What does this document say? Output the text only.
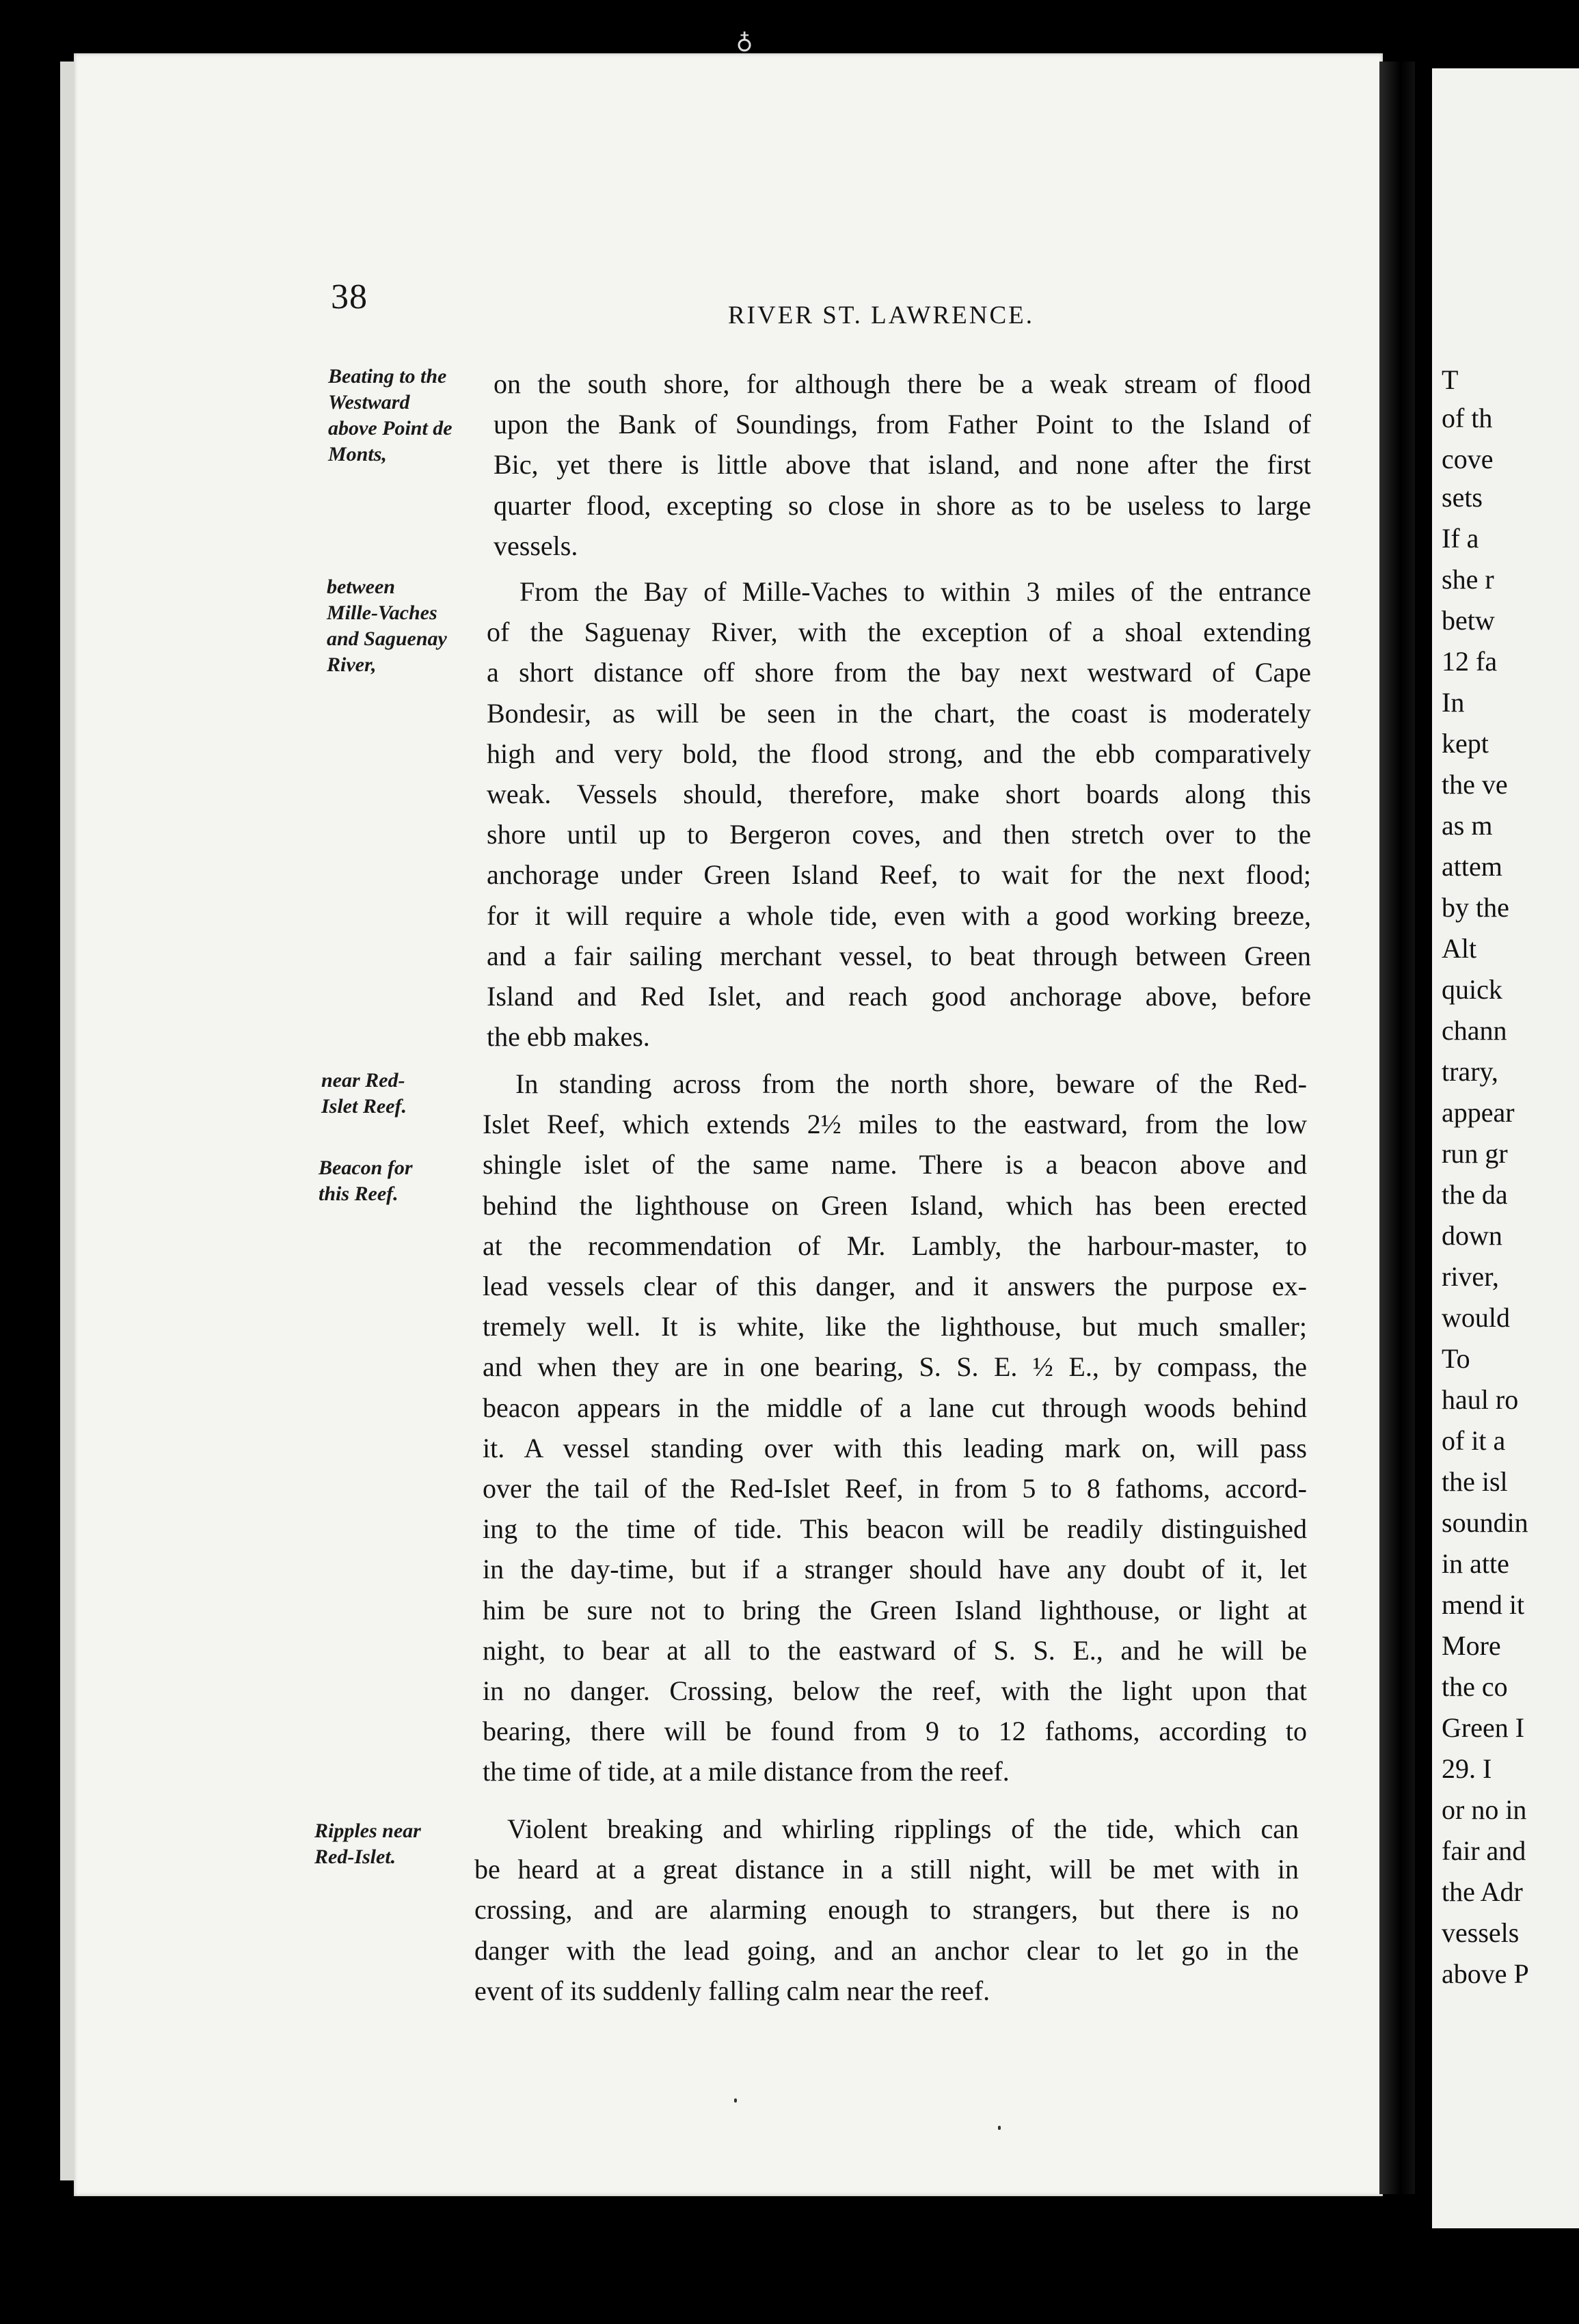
♁
38	RIVER ST. LAWRENCE.
Beating to the
Westward
above Point de
Monts,
between
Mille-Vaches
and Saguenay
River,
near Red-
Islet Reef.
Beacon for
this Reef.
Ripples near
Red-Islet.
on the south shore, for although there be a weak stream of flood
upon the Bank of Soundings, from Father Point to the Island of
Bic, yet there is little above that island, and none after the first
quarter flood, excepting so close in shore as to be useless to large
vessels.
From the Bay of Mille-Vaches to within 3 miles of the entrance
of the Saguenay River, with the exception of a shoal extending
a short distance off shore from the bay next westward of Cape
Bondesir, as will be seen in the chart, the coast is moderately
high and very bold, the flood strong, and the ebb comparatively
weak. Vessels should, therefore, make short boards along this
shore until up to Bergeron coves, and then stretch over to the
anchorage under Green Island Reef, to wait for the next flood;
for it will require a whole tide, even with a good working breeze,
and a fair sailing merchant vessel, to beat through between Green
Island and Red Islet, and reach good anchorage above, before
the ebb makes.
In standing across from the north shore, beware of the Red-
Islet Reef, which extends 2½ miles to the eastward, from the low
shingle islet of the same name. There is a beacon above and
behind the lighthouse on Green Island, which has been erected
at the recommendation of Mr. Lambly, the harbour-master, to
lead vessels clear of this danger, and it answers the purpose ex-
tremely well. It is white, like the lighthouse, but much smaller;
and when they are in one bearing, S. S. E. ½ E., by compass, the
beacon appears in the middle of a lane cut through woods behind
it. A vessel standing over with this leading mark on, will pass
over the tail of the Red-Islet Reef, in from 5 to 8 fathoms, accord-
ing to the time of tide. This beacon will be readily distinguished
in the day-time, but if a stranger should have any doubt of it, let
him be sure not to bring the Green Island lighthouse, or light at
night, to bear at all to the eastward of S. S. E., and he will be
in no danger. Crossing, below the reef, with the light upon that
bearing, there will be found from 9 to 12 fathoms, according to
the time of tide, at a mile distance from the reef.
Violent breaking and whirling ripplings of the tide, which can
be heard at a great distance in a still night, will be met with in
crossing, and are alarming enough to strangers, but there is no
danger with the lead going, and an anchor clear to let go in the
event of its suddenly falling calm near the reef.
T
of th
cove
sets
If a
she r
betw
12 fa
In
kept
the ve
as m
attem
by the
Alt
quick
chann
trary,
appear
run gr
the da
down
river,
would
To
haul ro
of it a
the isl
soundin
in atte
mend it
More
the co
Green I
29. I
or no in
fair and
the Adr
vessels
above P
